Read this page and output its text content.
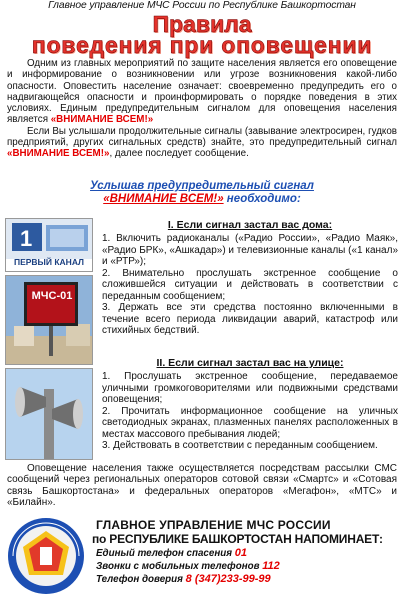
Главное управление МЧС России по Республике Башкортостан
Правила
поведения при оповещении

Одним из главных мероприятий по защите населения является его оповещение и информирование о возникновении или угрозе возникновения какой-либо опасности. Оповестить население означает: своевременно предупредить его о надвигающейся опасности и проинформировать о порядке поведения в этих условиях. Единым предупредительным сигналом для оповещения населения является «ВНИМАНИЕ ВСЕМ!»

Если Вы услышали продолжительные сигналы (завывание электросирен, гудков предприятий, других сигнальных средств) знайте, это предупредительный сигнал «ВНИМАНИЕ ВСЕМ!», далее последует сообщение.

Услышав предупредительный сигнал
«ВНИМАНИЕ ВСЕМ!» необходимо:
1
ПЕРВЫЙ КАНАЛ
МЧС-01
I. Если сигнал застал вас дома:

1. Включить радиоканалы («Радио России», «Радио Маяк», «Радио БРК», «Ашкадар») и телевизионные каналы («1 канал» и «РТР»);

2. Внимательно прослушать экстренное сообщение о сложившейся ситуации и действовать в соответствии с переданным сообщением;

3. Держать все эти средства постоянно включенными в течение всего периода ликвидации аварий, катастроф или стихийных бедствий.

II. Если сигнал застал вас на улице:

1. Прослушать экстренное сообщение, передаваемое уличными громкоговорителями или подвижными средствами оповещения;

2. Прочитать информационное сообщение на уличных светодиодных экранах, плазменных панелях расположенных в местах массового пребывания людей;

3. Действовать в соответствии с переданным сообщением.

Оповещение населения также осуществляется посредствам рассылки СМС сообщений через региональных операторов сотовой связи «Смартс» и «Сотовая связь Башкортостана» и федеральных операторов «Мегафон», «МТС» и «Билайн».

ГЛАВНОЕ УПРАВЛЕНИЕ МЧС РОССИИ
по РЕСПУБЛИКЕ БАШКОРТОСТАН НАПОМИНАЕТ:
Единый телефон спасения 01
Звонки с мобильных телефонов 112
Телефон доверия 8 (347)233-99-99
